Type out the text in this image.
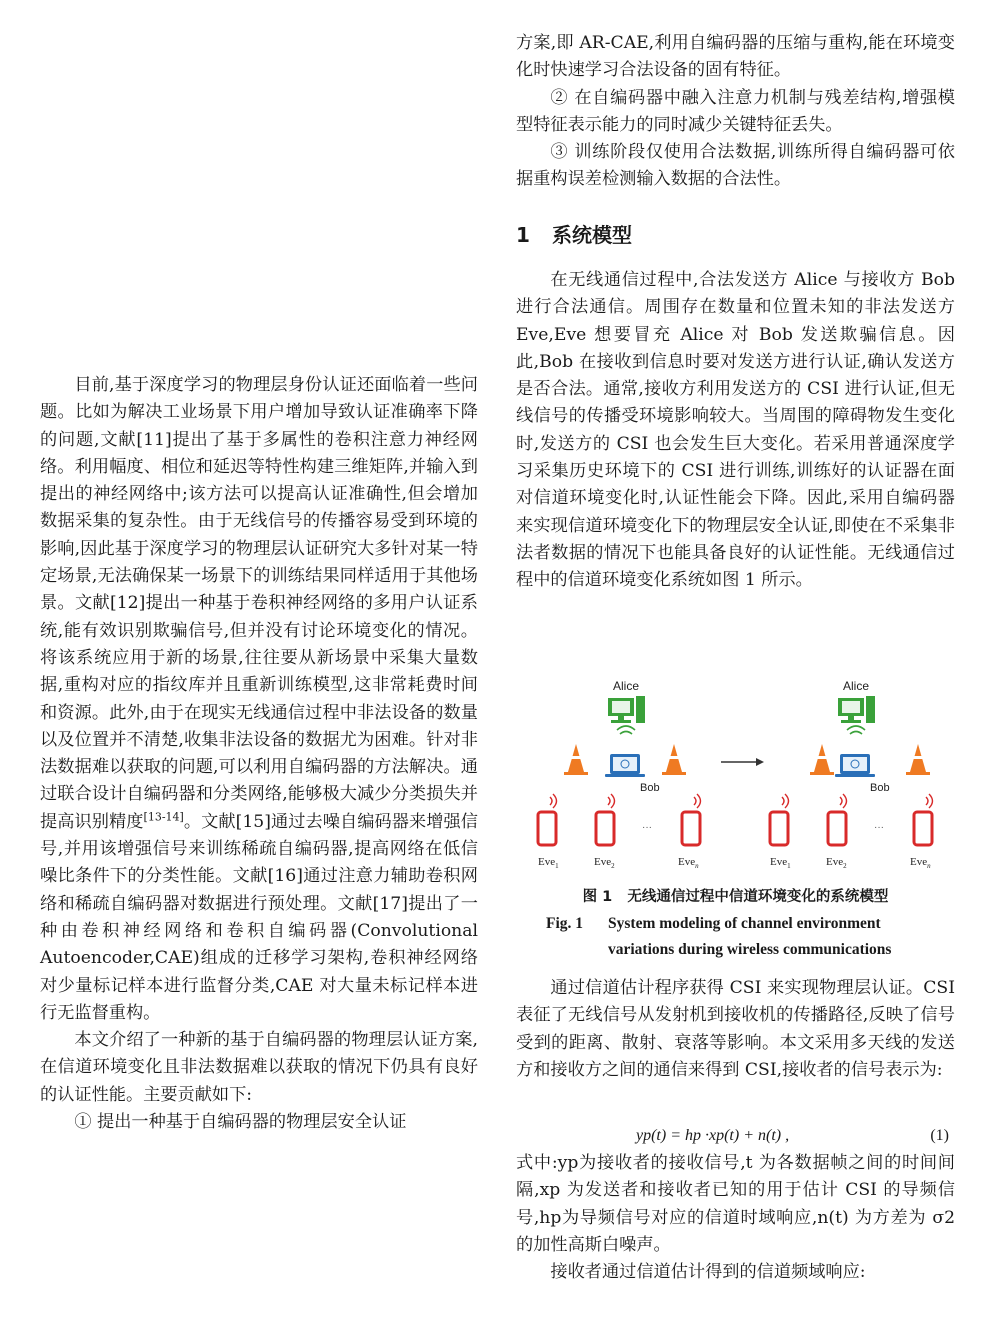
目前,基于深度学习的物理层身份认证还面临着一些问题。比如为解决工业场景下用户增加导致认证准确率下降的问题,文献[11]提出了基于多属性的卷积注意力神经网络。利用幅度、相位和延迟等特性构建三维矩阵,并输入到提出的神经网络中;该方法可以提高认证准确性,但会增加数据采集的复杂性。由于无线信号的传播容易受到环境的影响,因此基于深度学习的物理层认证研究大多针对某一特定场景,无法确保某一场景下的训练结果同样适用于其他场景。文献[12]提出一种基于卷积神经网络的多用户认证系统,能有效识别欺骗信号,但并没有讨论环境变化的情况。将该系统应用于新的场景,往往要从新场景中采集大量数据,重构对应的指纹库并且重新训练模型,这非常耗费时间和资源。此外,由于在现实无线通信过程中非法设备的数量以及位置并不清楚,收集非法设备的数据尤为困难。针对非法数据难以获取的问题,可以利用自编码器的方法解决。通过联合设计自编码器和分类网络,能够极大减少分类损失并提高识别精度[13-14]。文献[15]通过去噪自编码器来增强信号,并用该增强信号来训练稀疏自编码器,提高网络在低信噪比条件下的分类性能。文献[16]通过注意力辅助卷积网络和稀疏自编码器对数据进行预处理。文献[17]提出了一种由卷积神经网络和卷积自编码器(Convolutional Autoencoder,CAE)组成的迁移学习架构,卷积神经网络对少量标记样本进行监督分类,CAE 对大量未标记样本进行无监督重构。

本文介绍了一种新的基于自编码器的物理层认证方案,在信道环境变化且非法数据难以获取的情况下仍具有良好的认证性能。主要贡献如下:

① 提出一种基于自编码器的物理层安全认证

方案,即 AR-CAE,利用自编码器的压缩与重构,能在环境变化时快速学习合法设备的固有特征。

② 在自编码器中融入注意力机制与残差结构,增强模型特征表示能力的同时减少关键特征丢失。

③ 训练阶段仅使用合法数据,训练所得自编码器可依据重构误差检测输入数据的合法性。

1 系统模型

在无线通信过程中,合法发送方 Alice 与接收方 Bob 进行合法通信。周围存在数量和位置未知的非法发送方 Eve,Eve 想要冒充 Alice 对 Bob 发送欺骗信息。因此,Bob 在接收到信息时要对发送方进行认证,确认发送方是否合法。通常,接收方利用发送方的 CSI 进行认证,但无线信号的传播受环境影响较大。当周围的障碍物发生变化时,发送方的 CSI 也会发生巨大变化。若采用普通深度学习采集历史环境下的 CSI 进行训练,训练好的认证器在面对信道环境变化时,认证性能会下降。因此,采用自编码器来实现信道环境变化下的物理层安全认证,即使在不采集非法者数据的情况下也能具备良好的认证性能。无线通信过程中的信道环境变化系统如图 1 所示。

Alice
Bob
···
Eve$_1$	Eve$_2$	Eve$_n$
Alice
Bob
···
Eve$_1$	Eve$_2$	Eve$_n$
图 1 无线通信过程中信道环境变化的系统模型
Fig. 1 System modeling of channel environment
variations during wireless communications

通过信道估计程序获得 CSI 来实现物理层认证。CSI 表征了无线信号从发射机到接收机的传播路径,反映了信号受到的距离、散射、衰落等影响。本文采用多天线的发送方和接收方之间的通信来得到 CSI,接收者的信号表示为:

yp(t) = hp ·xp(t) + n(t) ,	(1)

式中:yp为接收者的接收信号,t 为各数据帧之间的时间间隔,xp 为发送者和接收者已知的用于估计 CSI 的导频信号,hp为导频信号对应的信道时域响应,n(t) 为方差为 σ2的加性高斯白噪声。

接收者通过信道估计得到的信道频域响应:
